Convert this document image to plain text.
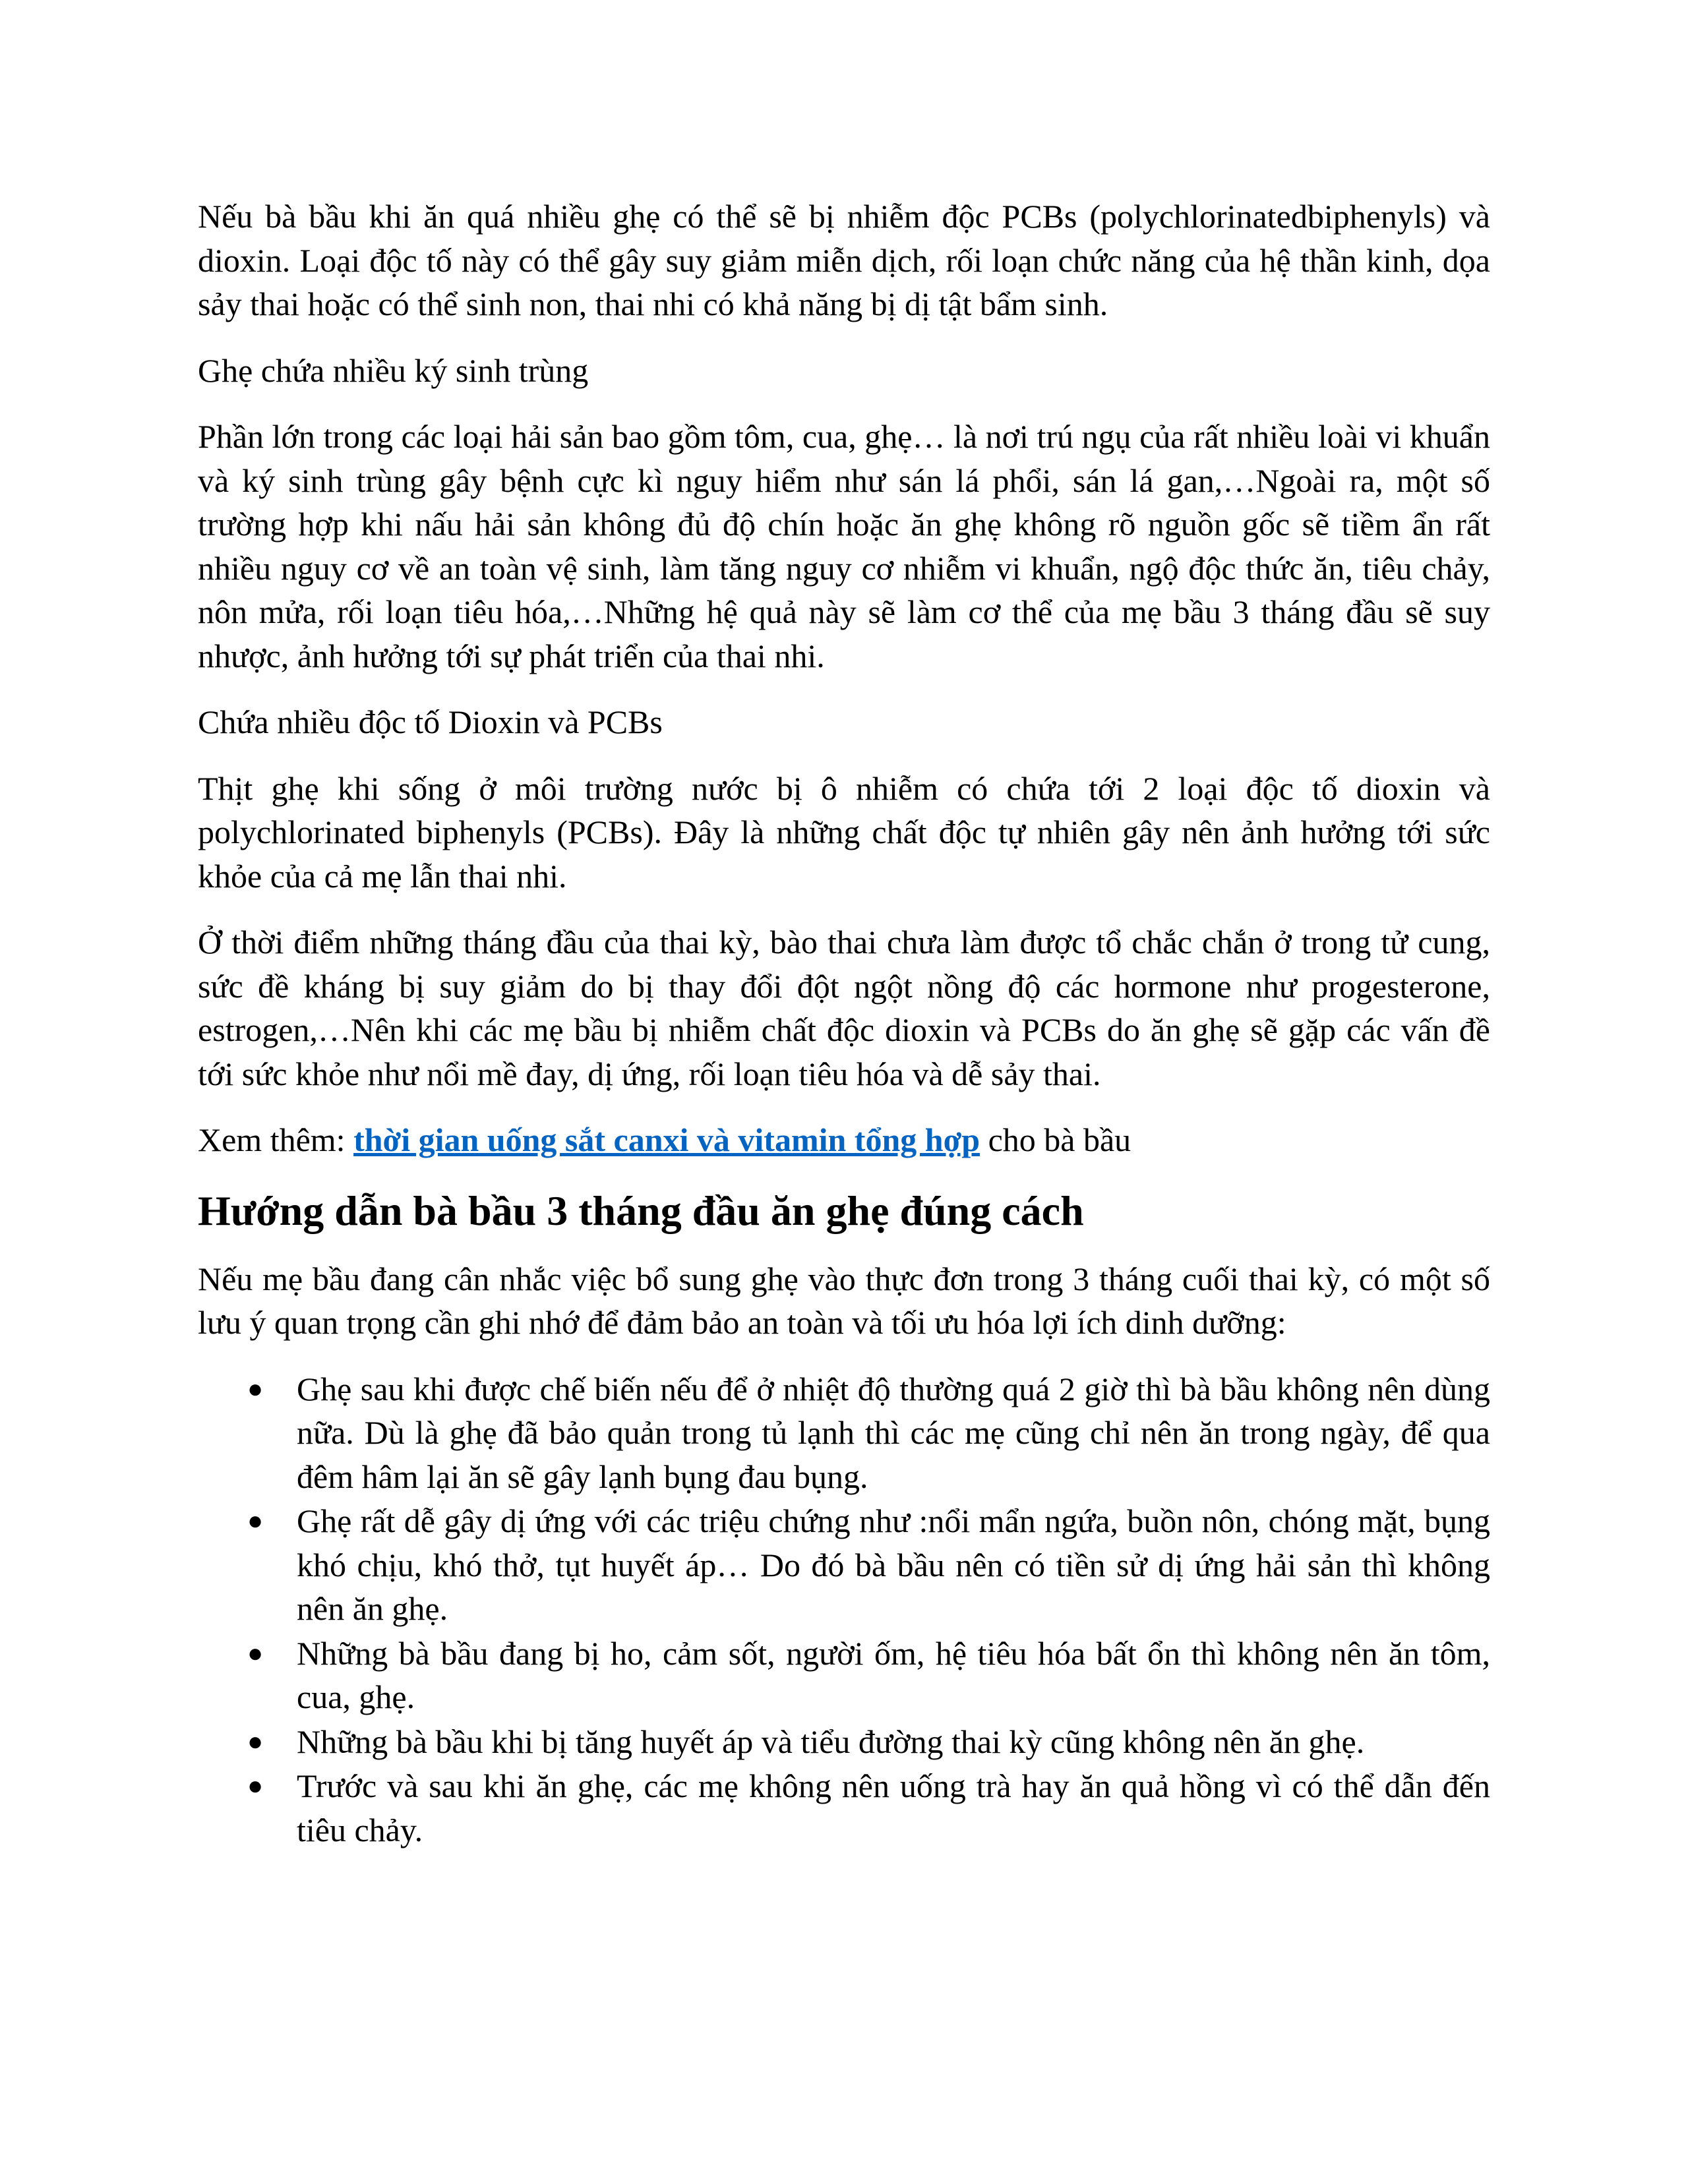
Nếu bà bầu khi ăn quá nhiều ghẹ có thể sẽ bị nhiễm độc PCBs (polychlorinatedbiphenyls) và dioxin. Loại độc tố này có thể gây suy giảm miễn dịch, rối loạn chức năng của hệ thần kinh, dọa sảy thai hoặc có thể sinh non, thai nhi có khả năng bị dị tật bẩm sinh.

Ghẹ chứa nhiều ký sinh trùng

Phần lớn trong các loại hải sản bao gồm tôm, cua, ghẹ… là nơi trú ngụ của rất nhiều loài vi khuẩn và ký sinh trùng gây bệnh cực kì nguy hiểm như sán lá phổi, sán lá gan,…Ngoài ra, một số trường hợp khi nấu hải sản không đủ độ chín hoặc ăn ghẹ không rõ nguồn gốc sẽ tiềm ẩn rất nhiều nguy cơ về an toàn vệ sinh, làm tăng nguy cơ nhiễm vi khuẩn, ngộ độc thức ăn, tiêu chảy, nôn mửa, rối loạn tiêu hóa,…Những hệ quả này sẽ làm cơ thể của mẹ bầu 3 tháng đầu sẽ suy nhược, ảnh hưởng tới sự phát triển của thai nhi.

Chứa nhiều độc tố Dioxin và PCBs

Thịt ghẹ khi sống ở môi trường nước bị ô nhiễm có chứa tới 2 loại độc tố dioxin và polychlorinated biphenyls (PCBs). Đây là những chất độc tự nhiên gây nên ảnh hưởng tới sức khỏe của cả mẹ lẫn thai nhi.

Ở thời điểm những tháng đầu của thai kỳ, bào thai chưa làm được tổ chắc chắn ở trong tử cung, sức đề kháng bị suy giảm do bị thay đổi đột ngột nồng độ các hormone như progesterone, estrogen,…Nên khi các mẹ bầu bị nhiễm chất độc dioxin và PCBs do ăn ghẹ sẽ gặp các vấn đề tới sức khỏe như nổi mề đay, dị ứng, rối loạn tiêu hóa và dễ sảy thai.

Xem thêm: thời gian uống sắt canxi và vitamin tổng hợp cho bà bầu

Hướng dẫn bà bầu 3 tháng đầu ăn ghẹ đúng cách

Nếu mẹ bầu đang cân nhắc việc bổ sung ghẹ vào thực đơn trong 3 tháng cuối thai kỳ, có một số lưu ý quan trọng cần ghi nhớ để đảm bảo an toàn và tối ưu hóa lợi ích dinh dưỡng:

● Ghẹ sau khi được chế biến nếu để ở nhiệt độ thường quá 2 giờ thì bà bầu không nên dùng nữa. Dù là ghẹ đã bảo quản trong tủ lạnh thì các mẹ cũng chỉ nên ăn trong ngày, để qua đêm hâm lại ăn sẽ gây lạnh bụng đau bụng.
● Ghẹ rất dễ gây dị ứng với các triệu chứng như :nổi mẩn ngứa, buồn nôn, chóng mặt, bụng khó chịu, khó thở, tụt huyết áp… Do đó bà bầu nên có tiền sử dị ứng hải sản thì không nên ăn ghẹ.
● Những bà bầu đang bị ho, cảm sốt, người ốm, hệ tiêu hóa bất ổn thì không nên ăn tôm, cua, ghẹ.
● Những bà bầu khi bị tăng huyết áp và tiểu đường thai kỳ cũng không nên ăn ghẹ.
● Trước và sau khi ăn ghẹ, các mẹ không nên uống trà hay ăn quả hồng vì có thể dẫn đến tiêu chảy.
